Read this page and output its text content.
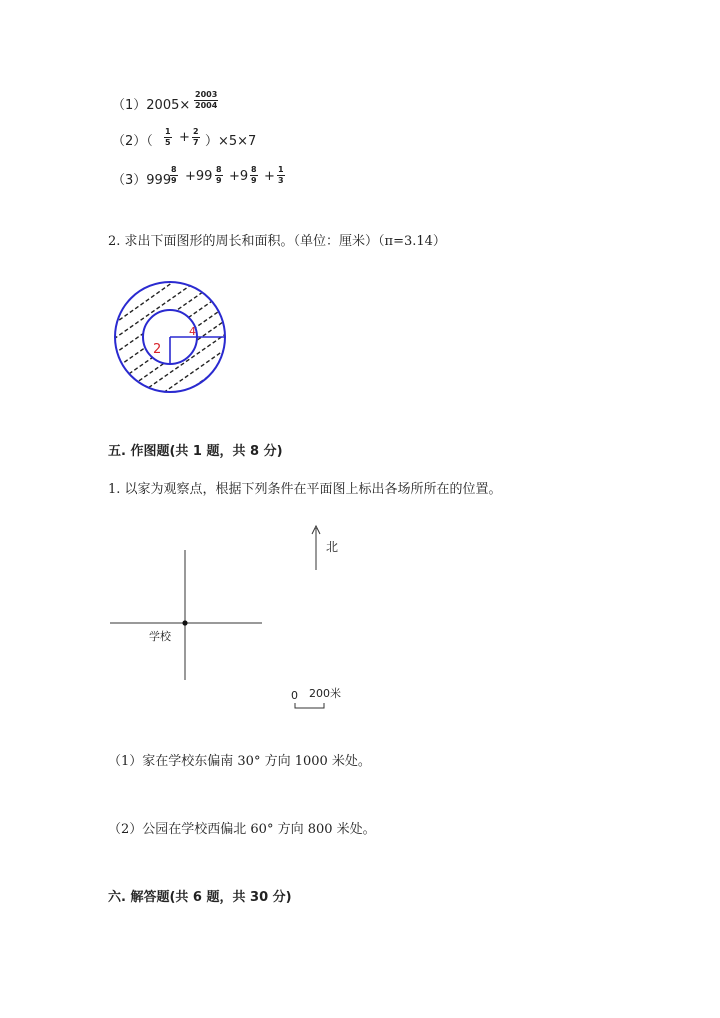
$(1)2005\times \frac{2003}{2004}$
$(2)( \frac{1}{5} + \frac{2}{7} )\times 5\times 7$
（3）999
$\frac{8}{9} +99 \frac{8}{9} +9 \frac{8}{9} + \frac{1}{3}$
2. 求出下面图形的周长和面积。（单位：厘米）（π=3.14）
2
4
五. 作图题(共 1 题，共 8 分)
1. 以家为观察点，根据下列条件在平面图上标出各场所所在的位置。
北
学校
0 200米
（1）家在学校东偏南 30° 方向 1000 米处。
（2）公园在学校西偏北 60° 方向 800 米处。
六. 解答题(共 6 题，共 30 分)
